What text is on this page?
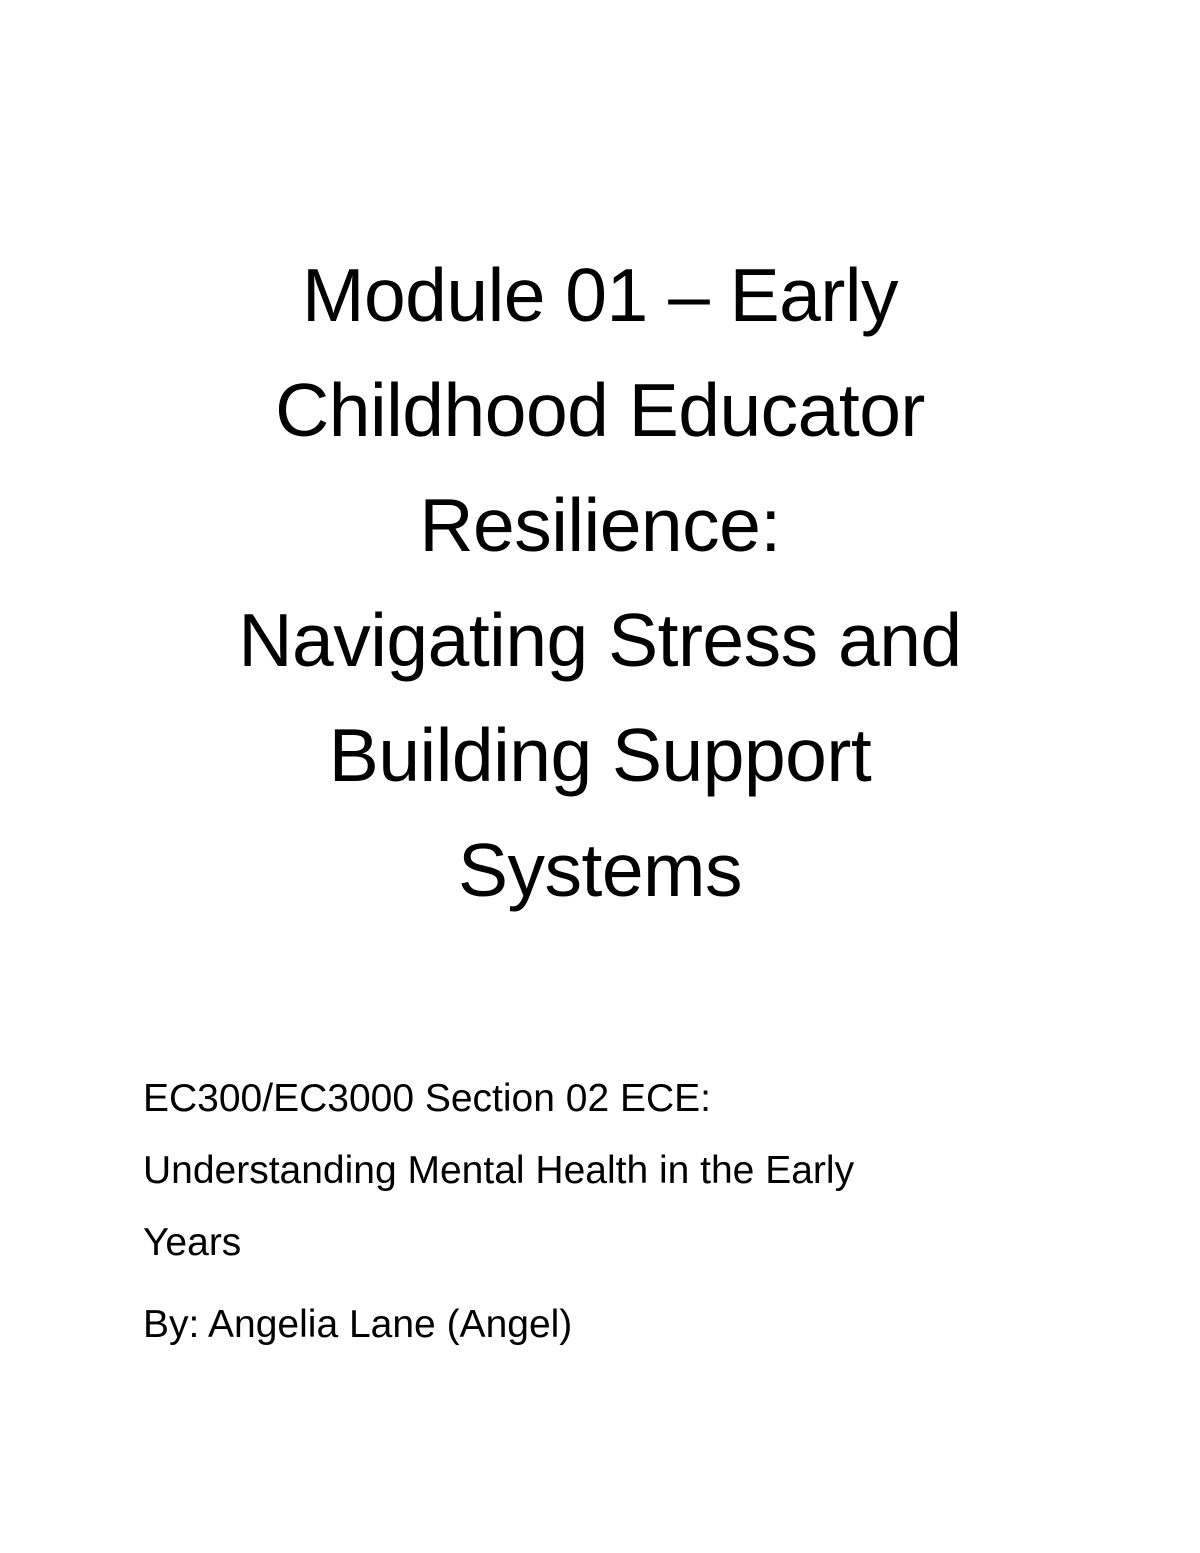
Module 01 – Early
Childhood Educator
Resilience:
Navigating Stress and
Building Support
Systems
EC300/EC3000 Section 02 ECE:
Understanding Mental Health in the Early
Years
By: Angelia Lane (Angel)
